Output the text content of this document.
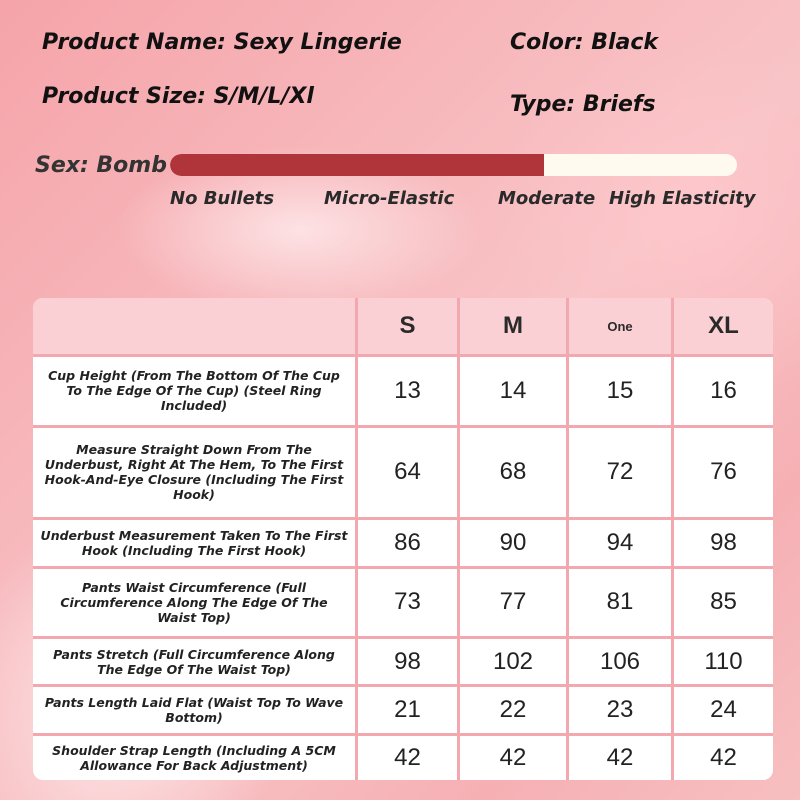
Product Name: Sexy Lingerie	Color: Black
Product Size: S/M/L/Xl	Type: Briefs
Sex: Bomb
No Bullets	Micro-Elastic Moderate High Elasticity
	S	M	One	XL
Cup Height (From The Bottom Of The Cup To The Edge Of The Cup) (Steel Ring Included)	13	14	15	16
Measure Straight Down From The Underbust, Right At The Hem, To The First Hook-And-Eye Closure (Including The First Hook)	64	68	72	76
Underbust Measurement Taken To The First Hook (Including The First Hook)	86	90	94	98
Pants Waist Circumference (Full Circumference Along The Edge Of The Waist Top)	73	77	81	85
Pants Stretch (Full Circumference Along The Edge Of The Waist Top)	98	102	106	110
Pants Length Laid Flat (Waist Top To Wave Bottom)	21	22	23	24
Shoulder Strap Length (Including A 5CM Allowance For Back Adjustment)	42	42	42	42
